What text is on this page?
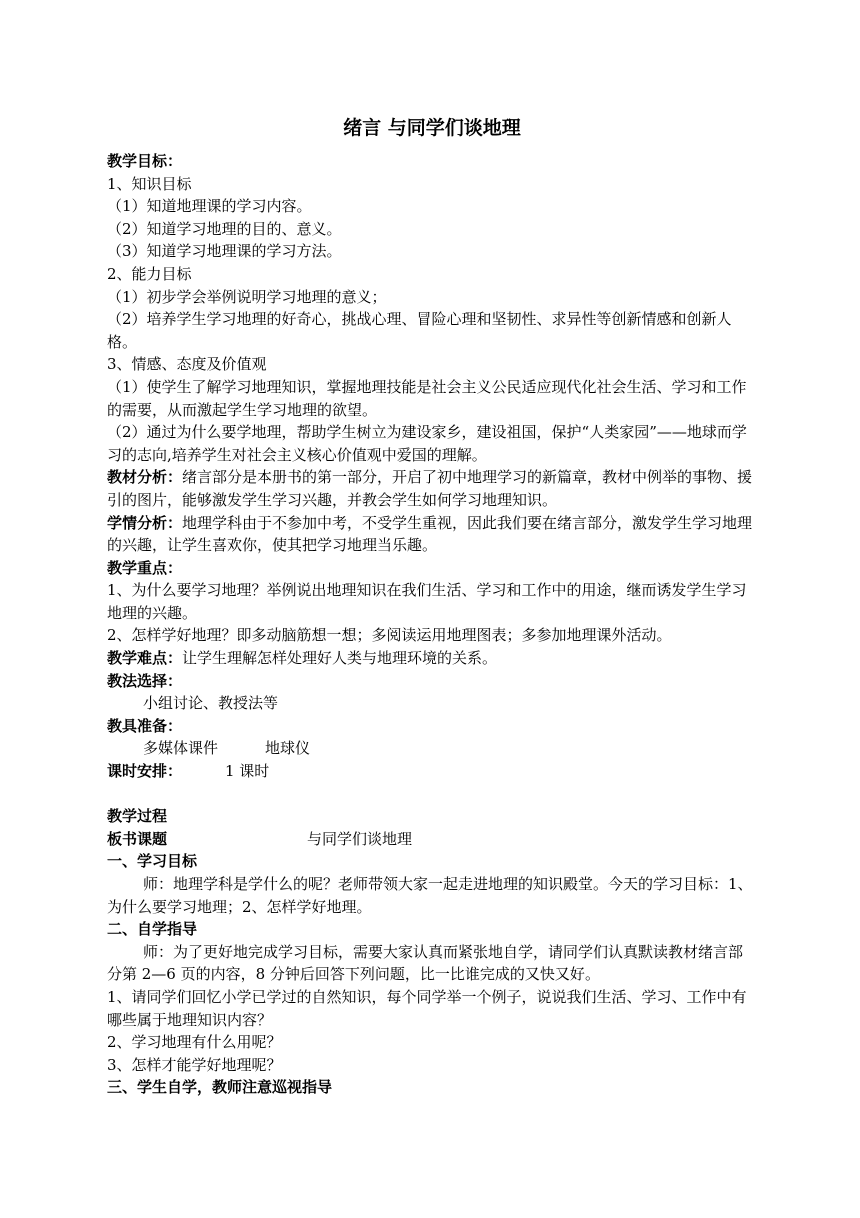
绪言 与同学们谈地理
教学目标：
1、知识目标
（1）知道地理课的学习内容。
（2）知道学习地理的目的、意义。
（3）知道学习地理课的学习方法。
2、能力目标
（1）初步学会举例说明学习地理的意义；
（2）培养学生学习地理的好奇心，挑战心理、冒险心理和坚韧性、求异性等创新情感和创新人格。
3、情感、态度及价值观
（1）使学生了解学习地理知识，掌握地理技能是社会主义公民适应现代化社会生活、学习和工作的需要，从而激起学生学习地理的欲望。
（2）通过为什么要学地理，帮助学生树立为建设家乡，建设祖国，保护“人类家园”——地球而学习的志向,培养学生对社会主义核心价值观中爱国的理解。
教材分析：绪言部分是本册书的第一部分，开启了初中地理学习的新篇章，教材中例举的事物、援引的图片，能够激发学生学习兴趣，并教会学生如何学习地理知识。
学情分析：地理学科由于不参加中考，不受学生重视，因此我们要在绪言部分，激发学生学习地理的兴趣，让学生喜欢你，使其把学习地理当乐趣。
教学重点：
1、为什么要学习地理？举例说出地理知识在我们生活、学习和工作中的用途，继而诱发学生学习地理的兴趣。
2、怎样学好地理？即多动脑筋想一想；多阅读运用地理图表；多参加地理课外活动。
教学难点：让学生理解怎样处理好人类与地理环境的关系。
教法选择：
小组讨论、教授法等
教具准备：
多媒体课件	地球仪
课时安排：	1 课时
教学过程
板书课题	与同学们谈地理
一、学习目标
师：地理学科是学什么的呢？老师带领大家一起走进地理的知识殿堂。今天的学习目标：1、为什么要学习地理；2、怎样学好地理。
二、自学指导
师：为了更好地完成学习目标，需要大家认真而紧张地自学，请同学们认真默读教材绪言部分第 2—6 页的内容，8 分钟后回答下列问题，比一比谁完成的又快又好。
1、请同学们回忆小学已学过的自然知识，每个同学举一个例子，说说我们生活、学习、工作中有哪些属于地理知识内容？
2、学习地理有什么用呢？
3、怎样才能学好地理呢？
三、学生自学，教师注意巡视指导
